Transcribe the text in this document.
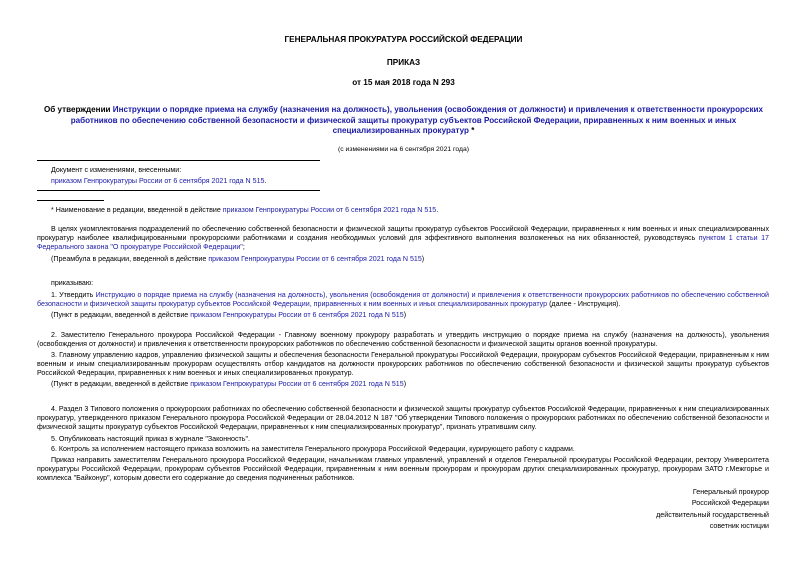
ГЕНЕРАЛЬНАЯ ПРОКУРАТУРА РОССИЙСКОЙ ФЕДЕРАЦИИ
ПРИКАЗ
от 15 мая 2018 года N 293
Об утверждении Инструкции о порядке приема на службу (назначения на должность), увольнения (освобождения от должности) и привлечения к ответственности прокурорских работников по обеспечению собственной безопасности и физической защиты прокуратур субъектов Российской Федерации, приравненных к ним военных и иных специализированных прокуратур *
(с изменениями на 6 сентября 2021 года)
Документ с изменениями, внесенными:
приказом Генпрокуратуры России от 6 сентября 2021 года N 515.
* Наименование в редакции, введенной в действие приказом Генпрокуратуры России от 6 сентября 2021 года N 515.
В целях укомплектования подразделений по обеспечению собственной безопасности и физической защиты прокуратур субъектов Российской Федерации, приравненных к ним военных и иных специализированных прокуратур наиболее квалифицированными прокурорскими работниками и создания необходимых условий для эффективного выполнения возложенных на них обязанностей, руководствуясь пунктом 1 статьи 17 Федерального закона "О прокуратуре Российской Федерации";
(Преамбула в редакции, введенной в действие приказом Генпрокуратуры России от 6 сентября 2021 года N 515)
приказываю:
1. Утвердить Инструкцию о порядке приема на службу (назначения на должность), увольнения (освобождения от должности) и привлечения к ответственности прокурорских работников по обеспечению собственной безопасности и физической защиты прокуратур субъектов Российской Федерации, приравненных к ним военных и иных специализированных прокуратур (далее - Инструкция).
(Пункт в редакции, введенной в действие приказом Генпрокуратуры России от 6 сентября 2021 года N 515)
2. Заместителю Генерального прокурора Российской Федерации - Главному военному прокурору разработать и утвердить инструкцию о порядке приема на службу (назначения на должность), увольнения (освобождения от должности) и привлечения к ответственности прокурорских работников по обеспечению собственной безопасности и физической защиты органов военной прокуратуры.
3. Главному управлению кадров, управлению физической защиты и обеспечения безопасности Генеральной прокуратуры Российской Федерации, прокурорам субъектов Российской Федерации, приравненным к ним военным и иным специализированным прокурорам осуществлять отбор кандидатов на должности прокурорских работников по обеспечению собственной безопасности и физической защиты прокуратур субъектов Российской Федерации, приравненных к ним военных и иных специализированных прокуратур.
(Пункт в редакции, введенной в действие приказом Генпрокуратуры России от 6 сентября 2021 года N 515)
4. Раздел 3 Типового положения о прокурорских работниках по обеспечению собственной безопасности и физической защиты прокуратур субъектов Российской Федерации, приравненных к ним специализированных прокуратур, утвержденного приказом Генерального прокурора Российской Федерации от 28.04.2012 N 187 "Об утверждении Типового положения о прокурорских работниках по обеспечению собственной безопасности и физической защиты прокуратур субъектов Российской Федерации, приравненных к ним специализированных прокуратур", признать утратившим силу.
5. Опубликовать настоящий приказ в журнале "Законность".
6. Контроль за исполнением настоящего приказа возложить на заместителя Генерального прокурора Российской Федерации, курирующего работу с кадрами.
Приказ направить заместителям Генерального прокурора Российской Федерации, начальникам главных управлений, управлений и отделов Генеральной прокуратуры Российской Федерации, ректору Университета прокуратуры Российской Федерации, прокурорам субъектов Российской Федерации, приравненным к ним военным прокурорам и прокурорам других специализированных прокуратур, прокурорам ЗАТО г.Межгорье и комплекса "Байконур", которым довести его содержание до сведения подчиненных работников.
Генеральный прокурор
Российской Федерации
действительный государственный
советник юстиции
